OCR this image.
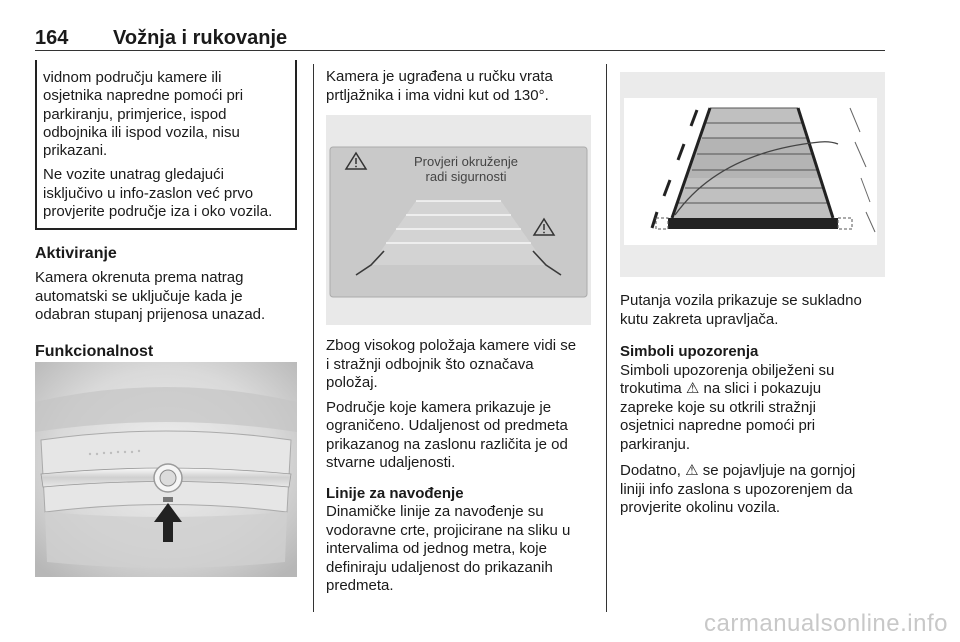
164 Vožnja i rukovanje

vidnom području kamere ili

osjetnika napredne pomoći pri

parkiranju, primjerice, ispod

odbojnika ili ispod vozila, nisu

prikazani.

Ne vozite unatrag gledajući

isključivo u info-zaslon već prvo

provjerite područje iza i oko vozila.

Aktiviranje

Kamera okrenuta prema natrag

automatski se uključuje kada je

odabran stupanj prijenosa unazad.

Funkcionalnost

Kamera je ugrađena u ručku vrata

prtljažnika i ima vidni kut od 130°.

Provjeri okruženje
radi sigurnosti

Zbog visokog položaja kamere vidi se

i stražnji odbojnik što označava

položaj.

Područje koje kamera prikazuje je

ograničeno. Udaljenost od predmeta

prikazanog na zaslonu različita je od

stvarne udaljenosti.

Linije za navođenje

Dinamičke linije za navođenje su

vodoravne crte, projicirane na sliku u

intervalima od jednog metra, koje

definiraju udaljenost do prikazanih

predmeta.

Putanja vozila prikazuje se sukladno

kutu zakreta upravljača.

Simboli upozorenja

Simboli upozorenja obilježeni su

trokutima ⚠ na slici i pokazuju

zapreke koje su otkrili stražnji

osjetnici napredne pomoći pri

parkiranju.

Dodatno, ⚠ se pojavljuje na gornjoj

liniji info zaslona s upozorenjem da

provjerite okolinu vozila.

carmanualsonline.info
